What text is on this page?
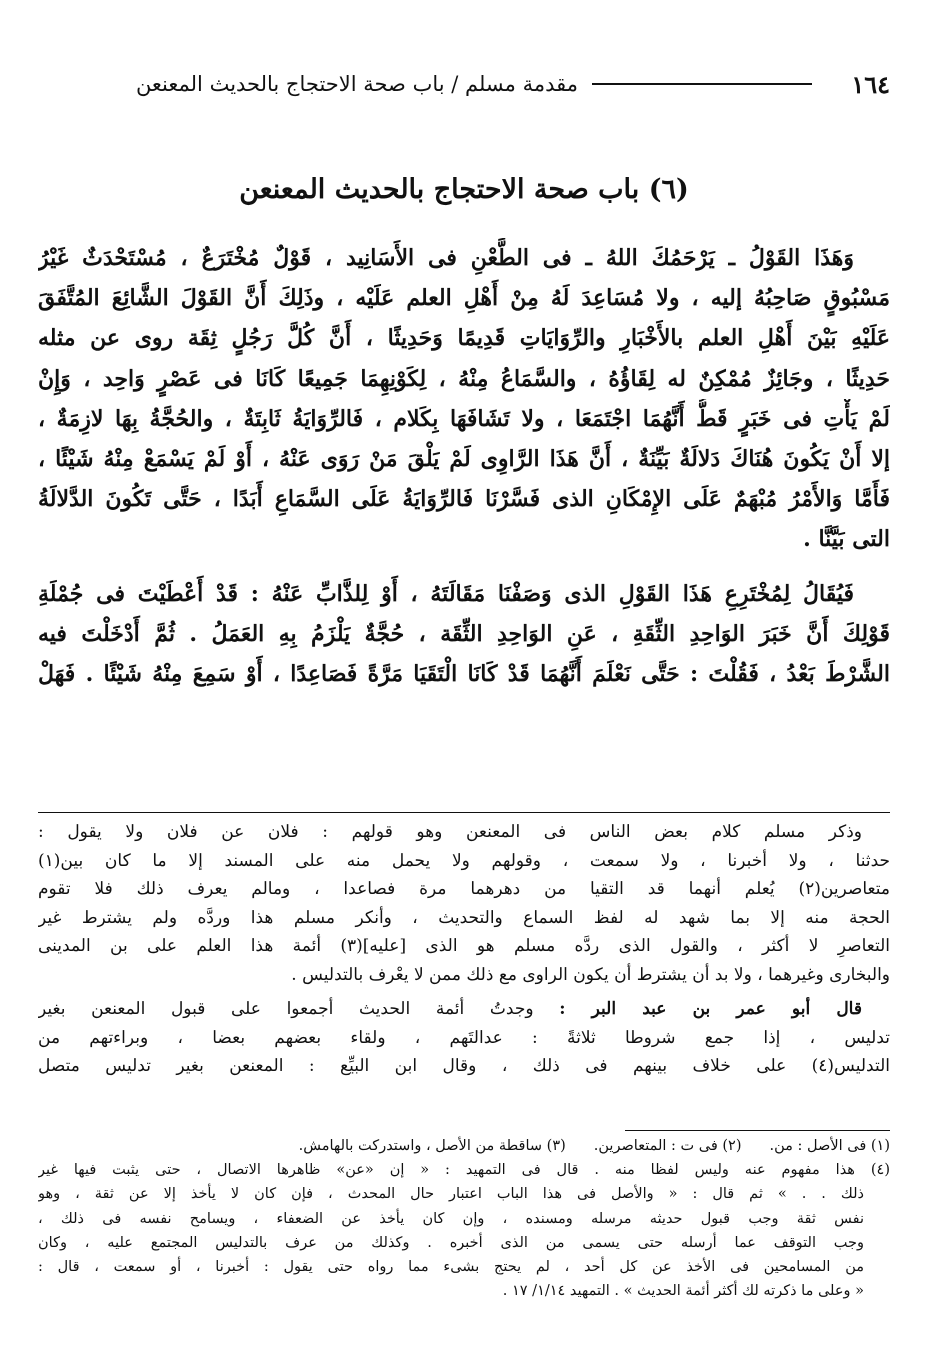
١٦٤
مقدمة مسلم / باب صحة الاحتجاج بالحديث المعنعن
(٦) باب صحة الاحتجاج بالحديث المعنعن
وَهَذَا القَوْلُ ـ يَرْحَمُكَ اللهُ ـ فى الطَّعْنِ فى الأَسَانِيد ، قَوْلٌ مُخْتَرَعٌ ، مُسْتَحْدَثٌ غَيْرُ
مَسْبُوقٍ صَاحِبُهُ إليه ، ولا مُسَاعِدَ لَهُ مِنْ أَهْلِ العلم عَلَيْه ، وذَلِكَ أَنَّ القَوْلَ الشَّائِعَ المُتَّفَقَ
عَلَيْهِ بَيْنَ أَهْلِ العلم بالأَخْبَارِ والرِّوَايَاتِ قَدِيمًا وَحَدِيثًا ، أَنَّ كُلَّ رَجُلٍ ثِقَة روى عن مثله
حَدِيثًا ، وجَائِزٌ مُمْكِنٌ له لِقَاؤُهُ ، والسَّمَاعُ مِنْهُ ، لِكَوْنِهِمَا جَمِيعًا كَانَا فى عَصْرٍ وَاحِد ، وَإِنْ
لَمْ يَأْتِ فى خَبَرٍ قَطُّ أَنَّهُمَا اجْتَمَعَا ، ولا تَشَافَهَا بِكَلام ، فَالرِّوَايَةُ ثَابِتَةٌ ، والحُجَّةُ بِهَا لازِمَةٌ ،
إلا أَنْ يَكُونَ هُنَاكَ دَلالَةٌ بَيِّنَةٌ ، أَنَّ هَذَا الرَّاوِى لَمْ يَلْقَ مَنْ رَوَى عَنْهُ ، أَوْ لَمْ يَسْمَعْ مِنْهُ شَيْئًا ،
فَأَمَّا وَالأَمْرُ مُبْهَمٌ عَلَى الإِمْكَانِ الذى فَسَّرْنَا فَالرِّوَايَةُ عَلَى السَّمَاعِ أَبَدًا ، حَتَّى تَكُونَ الدَّلالَةُ
التى بَيَّنَّا .
فَيُقَالُ لِمُخْتَرِعِ هَذَا القَوْلِ الذى وَصَفْنَا مَقَالَتَهُ ، أَوْ لِلذَّابِّ عَنْهُ : قَدْ أَعْطَيْتَ فى جُمْلَةِ
قَوْلِكَ أَنَّ خَبَرَ الوَاحِدِ الثِّقَةِ ، عَنِ الوَاحِدِ الثِّقَة ، حُجَّةٌ يَلْزَمُ بِهِ العَمَلُ . ثُمَّ أَدْخَلْتَ فيه
الشَّرْطَ بَعْدُ ، فَقُلْتَ : حَتَّى نَعْلَمَ أَنَّهُمَا قَدْ كَانَا الْتَقَيَا مَرَّةً فَصَاعِدًا ، أَوْ سَمِعَ مِنْهُ شَيْئًا . فَهَلْ
وذكر مسلم كلام بعض الناس فى المعنعن وهو قولهم : فلان عن فلان ولا يقول :
حدثنا ، ولا أخبرنا ، ولا سمعت ، وقولهم ولا يحمل منه على المسند إلا ما كان بين(١)
متعاصرين(٢) يُعلم أنهما قد التقيا من دهرهما مرة فصاعدا ، ومالم يعرف ذلك فلا تقوم
الحجة منه إلا بما شهد له لفظ السماع والتحديث ، وأنكر مسلم هذا وردَّه ولم يشترط غير
التعاصرِ لا أكثر ، والقول الذى ردَّه مسلم هو الذى [عليه](٣) أئمة هذا العلم على بن المدينى
والبخارى وغيرهما ، ولا بد أن يشترط أن يكون الراوى مع ذلك ممن لا يعْرف بالتدليس .
قال أبو عمر بن عبد البر : وجدتُ أئمة الحديث أجمعوا على قبول المعنعن بغير
تدليس ، إذا جمع شروطا ثلاثةً : عدالتَهم ، ولقاء بعضهم بعضا ، وبراءتهم من
التدليس(٤) على خلاف بينهم فى ذلك ، وقال ابن البيِّع : المعنعن بغير تدليس متصل
(١) فى الأصل : من.
(٢) فى ت : المتعاصرين.
(٣) ساقطة من الأصل ، واستدركت بالهامش.
(٤) هذا مفهوم عنه وليس لفظا منه . قال فى التمهيد : « إن «عن» ظاهرها الاتصال ، حتى يثبت فيها غير
ذلك . . » ثم قال : « والأصل فى هذا الباب اعتبار حال المحدث ، فإن كان لا يأخذ إلا عن ثقة ، وهو
نفس ثقة وجب قبول حديثه مرسله ومسنده ، وإن كان يأخذ عن الضعفاء ، ويسامح نفسه فى ذلك ،
وجب التوقف عما أرسله حتى يسمى من الذى أخبره . وكذلك من عرف بالتدليس المجتمع عليه ، وكان
من المسامحين فى الأخذ عن كل أحد ، لم يحتج بشىء مما رواه حتى يقول : أخبرنا ، أو سمعت ، قال :
« وعلى ما ذكرته لك أكثر أئمة الحديث » . التمهيد ١/١٤/ ١٧ .
